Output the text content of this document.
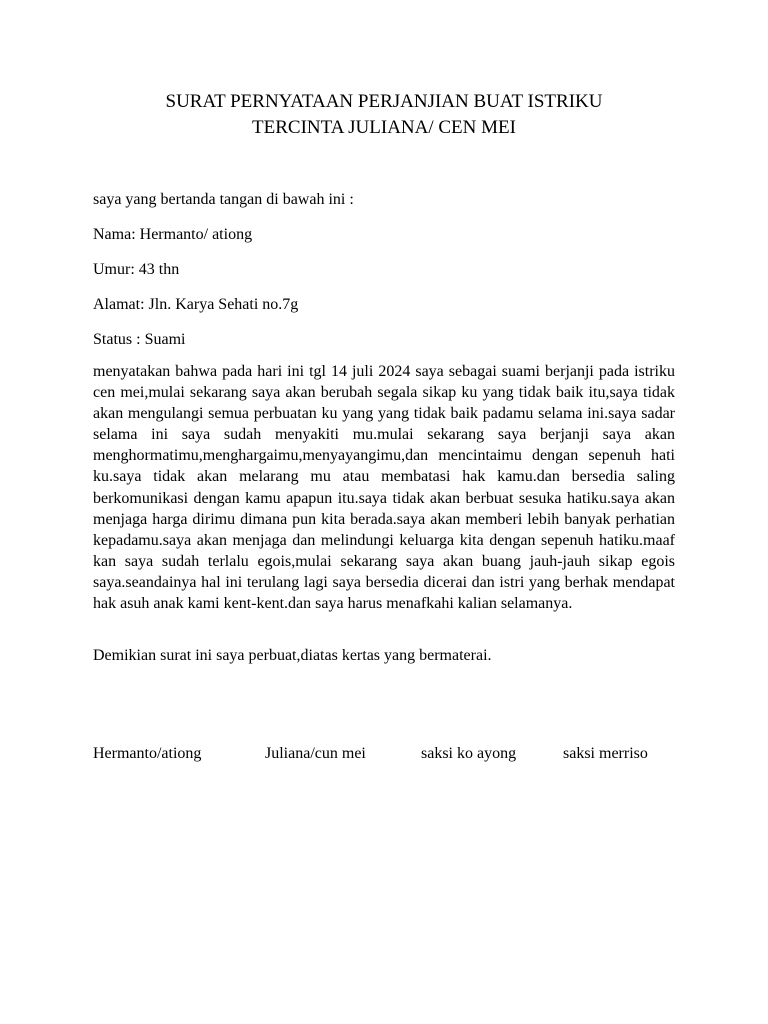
SURAT PERNYATAAN PERJANJIAN BUAT ISTRIKU
TERCINTA JULIANA/ CEN MEI

saya yang bertanda tangan di bawah ini :

Nama: Hermanto/ ationg

Umur: 43 thn

Alamat: Jln. Karya Sehati no.7g

Status : Suami

menyatakan bahwa pada hari ini tgl 14 juli 2024 saya sebagai suami berjanji pada istriku cen mei,mulai sekarang saya akan berubah segala sikap ku yang tidak baik itu,saya tidak akan mengulangi semua perbuatan ku yang yang tidak baik padamu selama ini.saya sadar selama ini saya sudah menyakiti mu.mulai sekarang saya berjanji saya akan menghormatimu,menghargaimu,menyayangimu,dan mencintaimu dengan sepenuh hati ku.saya tidak akan melarang mu atau membatasi hak kamu.dan bersedia saling berkomunikasi dengan kamu apapun itu.saya tidak akan berbuat sesuka hatiku.saya akan menjaga harga dirimu dimana pun kita berada.saya akan memberi lebih banyak perhatian kepadamu.saya akan menjaga dan melindungi keluarga kita dengan sepenuh hatiku.maaf kan saya sudah terlalu egois,mulai sekarang saya akan buang jauh-jauh sikap egois saya.seandainya hal ini terulang lagi saya bersedia dicerai dan istri yang berhak mendapat hak asuh anak kami kent-kent.dan saya harus menafkahi kalian selamanya.

Demikian surat ini saya perbuat,diatas kertas yang bermaterai.

Hermanto/ationg	Juliana/cun mei	saksi ko ayong	saksi merriso
